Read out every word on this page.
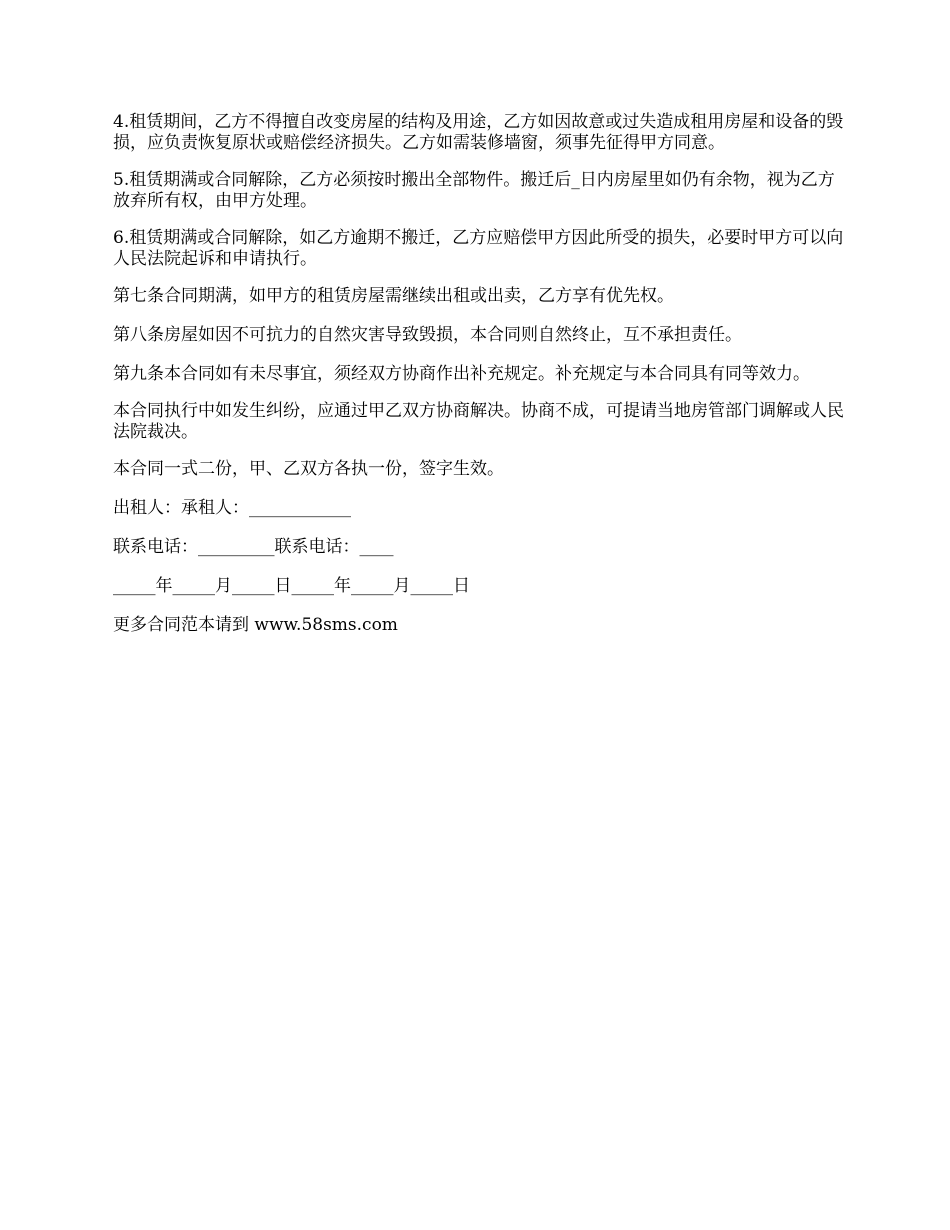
4.租赁期间，乙方不得擅自改变房屋的结构及用途，乙方如因故意或过失造成租用房屋和设备的毁损，应负责恢复原状或赔偿经济损失。乙方如需装修墙窗，须事先征得甲方同意。

5.租赁期满或合同解除，乙方必须按时搬出全部物件。搬迁后_日内房屋里如仍有余物，视为乙方放弃所有权，由甲方处理。

6.租赁期满或合同解除，如乙方逾期不搬迁，乙方应赔偿甲方因此所受的损失，必要时甲方可以向人民法院起诉和申请执行。

第七条合同期满，如甲方的租赁房屋需继续出租或出卖，乙方享有优先权。

第八条房屋如因不可抗力的自然灾害导致毁损，本合同则自然终止，互不承担责任。

第九条本合同如有未尽事宜，须经双方协商作出补充规定。补充规定与本合同具有同等效力。

本合同执行中如发生纠纷，应通过甲乙双方协商解决。协商不成，可提请当地房管部门调解或人民法院裁决。

本合同一式二份，甲、乙双方各执一份，签字生效。

出租人：承租人：____________

联系电话：_________联系电话：____

_____年_____月_____日_____年_____月_____日

更多合同范本请到 www.58sms.com
